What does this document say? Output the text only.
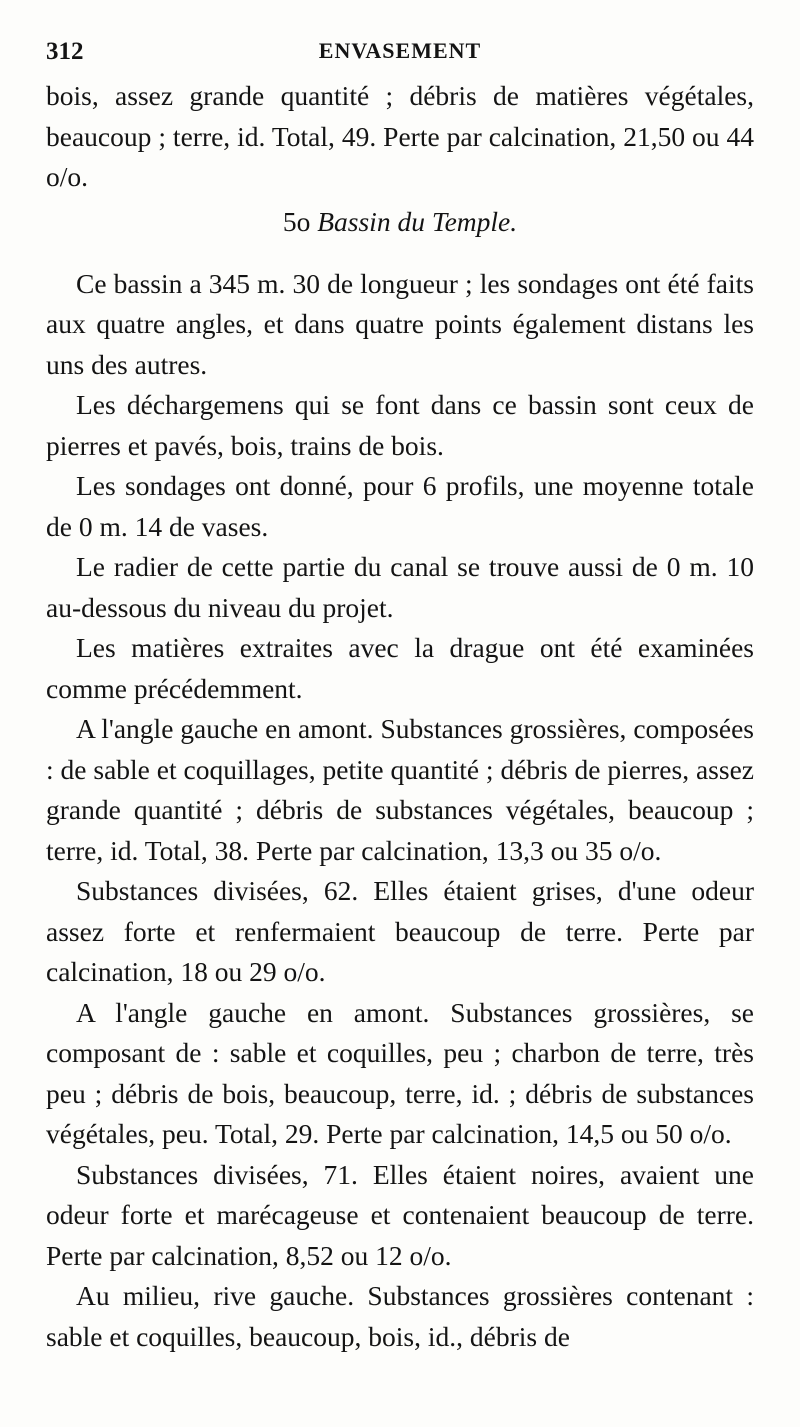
312	ENVASEMENT

bois, assez grande quantité ; débris de matières végétales, beaucoup ; terre, id. Total, 49. Perte par calcination, 21,50 ou 44 o/o.

5o Bassin du Temple.

Ce bassin a 345 m. 30 de longueur ; les sondages ont été faits aux quatre angles, et dans quatre points également distans les uns des autres.

Les déchargemens qui se font dans ce bassin sont ceux de pierres et pavés, bois, trains de bois.

Les sondages ont donné, pour 6 profils, une moyenne totale de 0 m. 14 de vases.

Le radier de cette partie du canal se trouve aussi de 0 m. 10 au-dessous du niveau du projet.

Les matières extraites avec la drague ont été examinées comme précédemment.

A l'angle gauche en amont. Substances grossières, composées : de sable et coquillages, petite quantité ; débris de pierres, assez grande quantité ; débris de substances végétales, beaucoup ; terre, id. Total, 38. Perte par calcination, 13,3 ou 35 o/o.

Substances divisées, 62. Elles étaient grises, d'une odeur assez forte et renfermaient beaucoup de terre. Perte par calcination, 18 ou 29 o/o.

A l'angle gauche en amont. Substances grossières, se composant de : sable et coquilles, peu ; charbon de terre, très peu ; débris de bois, beaucoup, terre, id. ; débris de substances végétales, peu. Total, 29. Perte par calcination, 14,5 ou 50 o/o.

Substances divisées, 71. Elles étaient noires, avaient une odeur forte et marécageuse et contenaient beaucoup de terre. Perte par calcination, 8,52 ou 12 o/o.

Au milieu, rive gauche. Substances grossières contenant : sable et coquilles, beaucoup, bois, id., débris de
